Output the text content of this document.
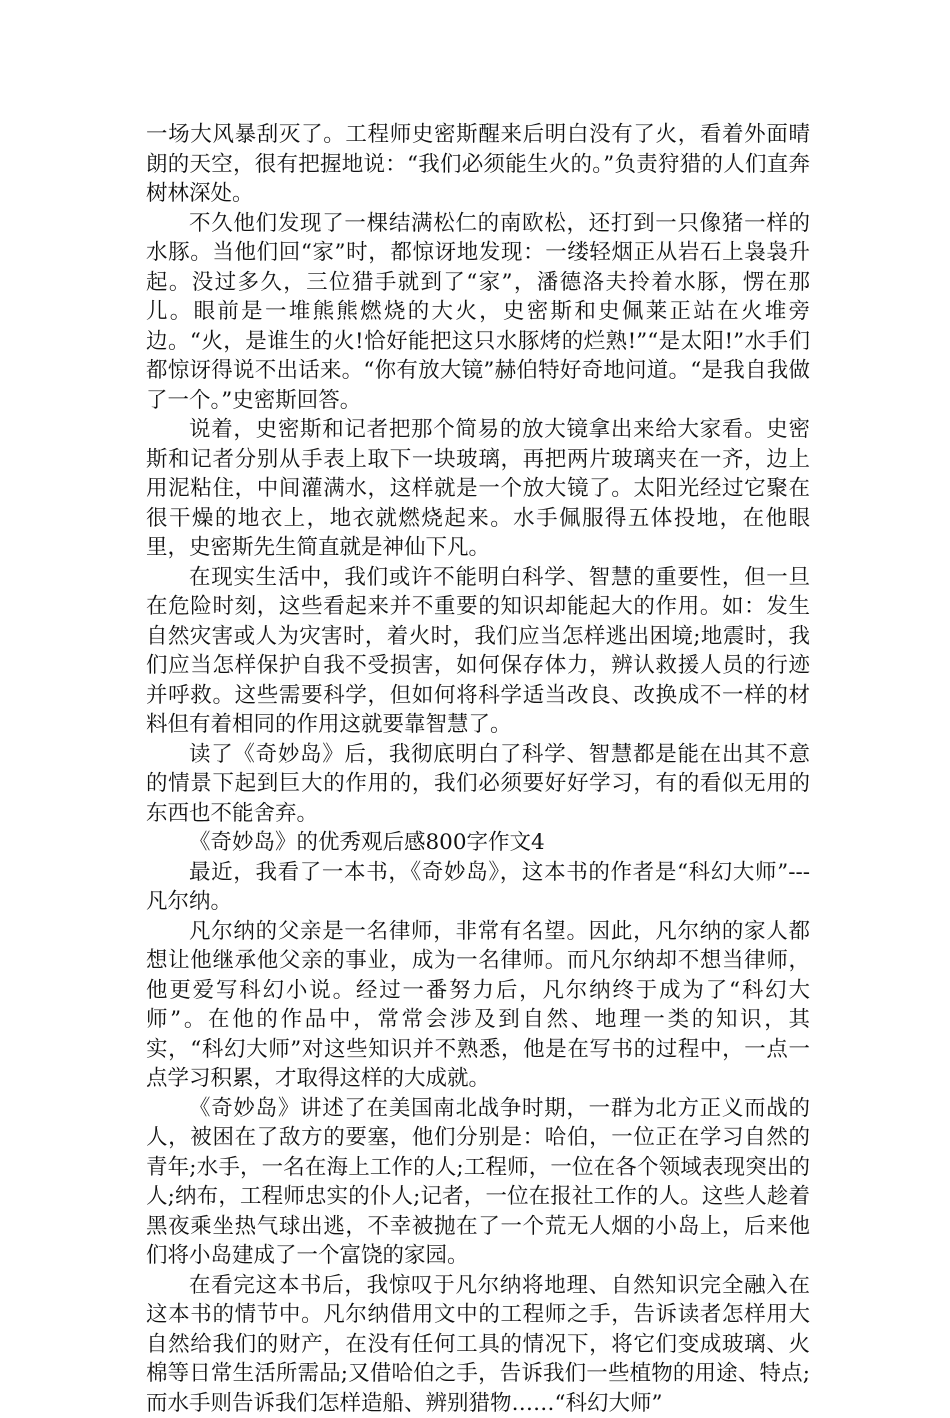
一场大风暴刮灭了。工程师史密斯醒来后明白没有了火，看着外面晴朗的天空，很有把握地说：“我们必须能生火的。”负责狩猎的人们直奔树林深处。

不久他们发现了一棵结满松仁的南欧松，还打到一只像猪一样的水豚。当他们回“家”时，都惊讶地发现：一缕轻烟正从岩石上袅袅升起。没过多久，三位猎手就到了“家”，潘德洛夫拎着水豚，愣在那儿。眼前是一堆熊熊燃烧的大火，史密斯和史佩莱正站在火堆旁边。“火，是谁生的火!恰好能把这只水豚烤的烂熟!”“是太阳!”水手们都惊讶得说不出话来。“你有放大镜”赫伯特好奇地问道。“是我自我做了一个。”史密斯回答。

说着，史密斯和记者把那个简易的放大镜拿出来给大家看。史密斯和记者分别从手表上取下一块玻璃，再把两片玻璃夹在一齐，边上用泥粘住，中间灌满水，这样就是一个放大镜了。太阳光经过它聚在很干燥的地衣上，地衣就燃烧起来。水手佩服得五体投地，在他眼里，史密斯先生简直就是神仙下凡。

在现实生活中，我们或许不能明白科学、智慧的重要性，但一旦在危险时刻，这些看起来并不重要的知识却能起大的作用。如：发生自然灾害或人为灾害时，着火时，我们应当怎样逃出困境;地震时，我们应当怎样保护自我不受损害，如何保存体力，辨认救援人员的行迹并呼救。这些需要科学，但如何将科学适当改良、改换成不一样的材料但有着相同的作用这就要靠智慧了。

读了《奇妙岛》后，我彻底明白了科学、智慧都是能在出其不意的情景下起到巨大的作用的，我们必须要好好学习，有的看似无用的东西也不能舍弃。

《奇妙岛》的优秀观后感800字作文4

最近，我看了一本书，《奇妙岛》，这本书的作者是“科幻大师”---凡尔纳。

凡尔纳的父亲是一名律师，非常有名望。因此，凡尔纳的家人都想让他继承他父亲的事业，成为一名律师。而凡尔纳却不想当律师，他更爱写科幻小说。经过一番努力后，凡尔纳终于成为了“科幻大师”。在他的作品中，常常会涉及到自然、地理一类的知识，其实，“科幻大师”对这些知识并不熟悉，他是在写书的过程中，一点一点学习积累，才取得这样的大成就。

《奇妙岛》讲述了在美国南北战争时期，一群为北方正义而战的人，被困在了敌方的要塞，他们分别是：哈伯，一位正在学习自然的青年;水手，一名在海上工作的人;工程师，一位在各个领域表现突出的人;纳布，工程师忠实的仆人;记者，一位在报社工作的人。这些人趁着黑夜乘坐热气球出逃，不幸被抛在了一个荒无人烟的小岛上，后来他们将小岛建成了一个富饶的家园。

在看完这本书后，我惊叹于凡尔纳将地理、自然知识完全融入在这本书的情节中。凡尔纳借用文中的工程师之手，告诉读者怎样用大自然给我们的财产，在没有任何工具的情况下，将它们变成玻璃、火棉等日常生活所需品;又借哈伯之手，告诉我们一些植物的用途、特点;而水手则告诉我们怎样造船、辨别猎物……“科幻大师”
